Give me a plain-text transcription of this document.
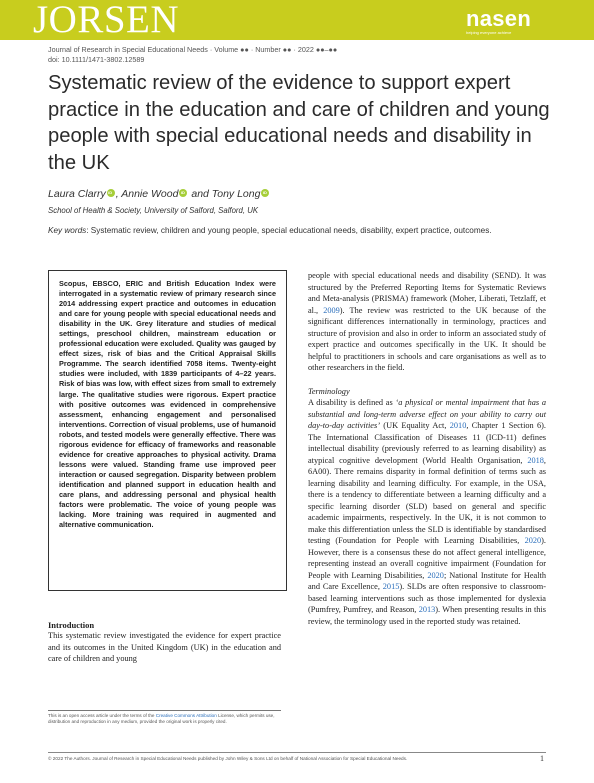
JORSEN	nasen
helping everyone achieve
Journal of Research in Special Educational Needs · Volume ●● · Number ●● · 2022 ●●–●●
doi: 10.1111/1471-3802.12589
Systematic review of the evidence to support expert practice in the education and care of children and young people with special educational needs and disability in the UK
Laura ClarryiD , Annie WoodiD and Tony LongiD
School of Health & Society, University of Salford, Salford, UK
Key words: Systematic review, children and young people, special educational needs, disability, expert practice, outcomes.

Scopus, EBSCO, ERIC and British Education Index were interrogated in a systematic review of primary research since 2014 addressing expert practice and outcomes in education and care for young people with special educational needs and disability in the UK. Grey literature and studies of medical settings, preschool children, mainstream education or professional education were excluded. Quality was gauged by effect sizes, risk of bias and the Critical Appraisal Skills Programme. The search identified 7058 items. Twenty-eight studies were included, with 1839 participants of 4–22 years. Risk of bias was low, with effect sizes from small to extremely large. The qualitative studies were rigorous. Expert practice with positive outcomes was evidenced in comprehensive assessment, enhancing engagement and personalised interventions. Correction of visual problems, use of humanoid robots, and tested models were generally effective. There was rigorous evidence for efficacy of frameworks and reasonable evidence for creative approaches to physical activity. Drama lessons were valued. Standing frame use improved peer interaction or caused segregation. Disparity between problem identification and planned support in education health and care plans, and addressing personal and physical health factors were problematic. The voice of young people was lacking. More training was required in augmented and alternative communication.

Introduction

This systematic review investigated the evidence for expert practice and its outcomes in the United Kingdom (UK) in the education and care of children and young

This is an open access article under the terms of the Creative Commons Attribution License, which permits use, distribution and reproduction in any medium, provided the original work is properly cited.

people with special educational needs and disability (SEND). It was structured by the Preferred Reporting Items for Systematic Reviews and Meta-analysis (PRISMA) framework (Moher, Liberati, Tetzlaff, et al., 2009). The review was restricted to the UK because of the significant differences internationally in terminology, practices and structure of provision and also in order to inform an associated study of expert practice and outcomes specifically in the UK. It should be helpful to practitioners in schools and care organisations as well as to other researchers in the field.

Terminology

A disability is defined as ‘a physical or mental impairment that has a substantial and long-term adverse effect on your ability to carry out day-to-day activities’ (UK Equality Act, 2010, Chapter 1 Section 6). The International Classification of Diseases 11 (ICD-11) defines intellectual disability (previously referred to as learning disability) as atypical cognitive development (World Health Organisation, 2018, 6A00). There remains disparity in formal definition of terms such as learning disability and learning difficulty. For example, in the USA, there is a tendency to differentiate between a learning difficulty and a specific learning disorder (SLD) based on general and specific academic impairments, respectively. In the UK, it is not common to make this differentiation unless the SLD is identifiable by standardised testing (Foundation for People with Learning Disabilities, 2020). However, there is a consensus these do not affect general intelligence, representing instead an overall cognitive impairment (Foundation for People with Learning Disabilities, 2020; National Institute for Health and Care Excellence, 2015). SLDs are often responsive to classroom-based learning interventions such as those implemented for dyslexia (Pumfrey, Pumfrey, and Reason, 2013). When presenting results in this review, the terminology used in the reported study was retained.

© 2022 The Authors. Journal of Research in Special Educational Needs published by John Wiley & Sons Ltd on behalf of National Association for Special Educational Needs.	1
